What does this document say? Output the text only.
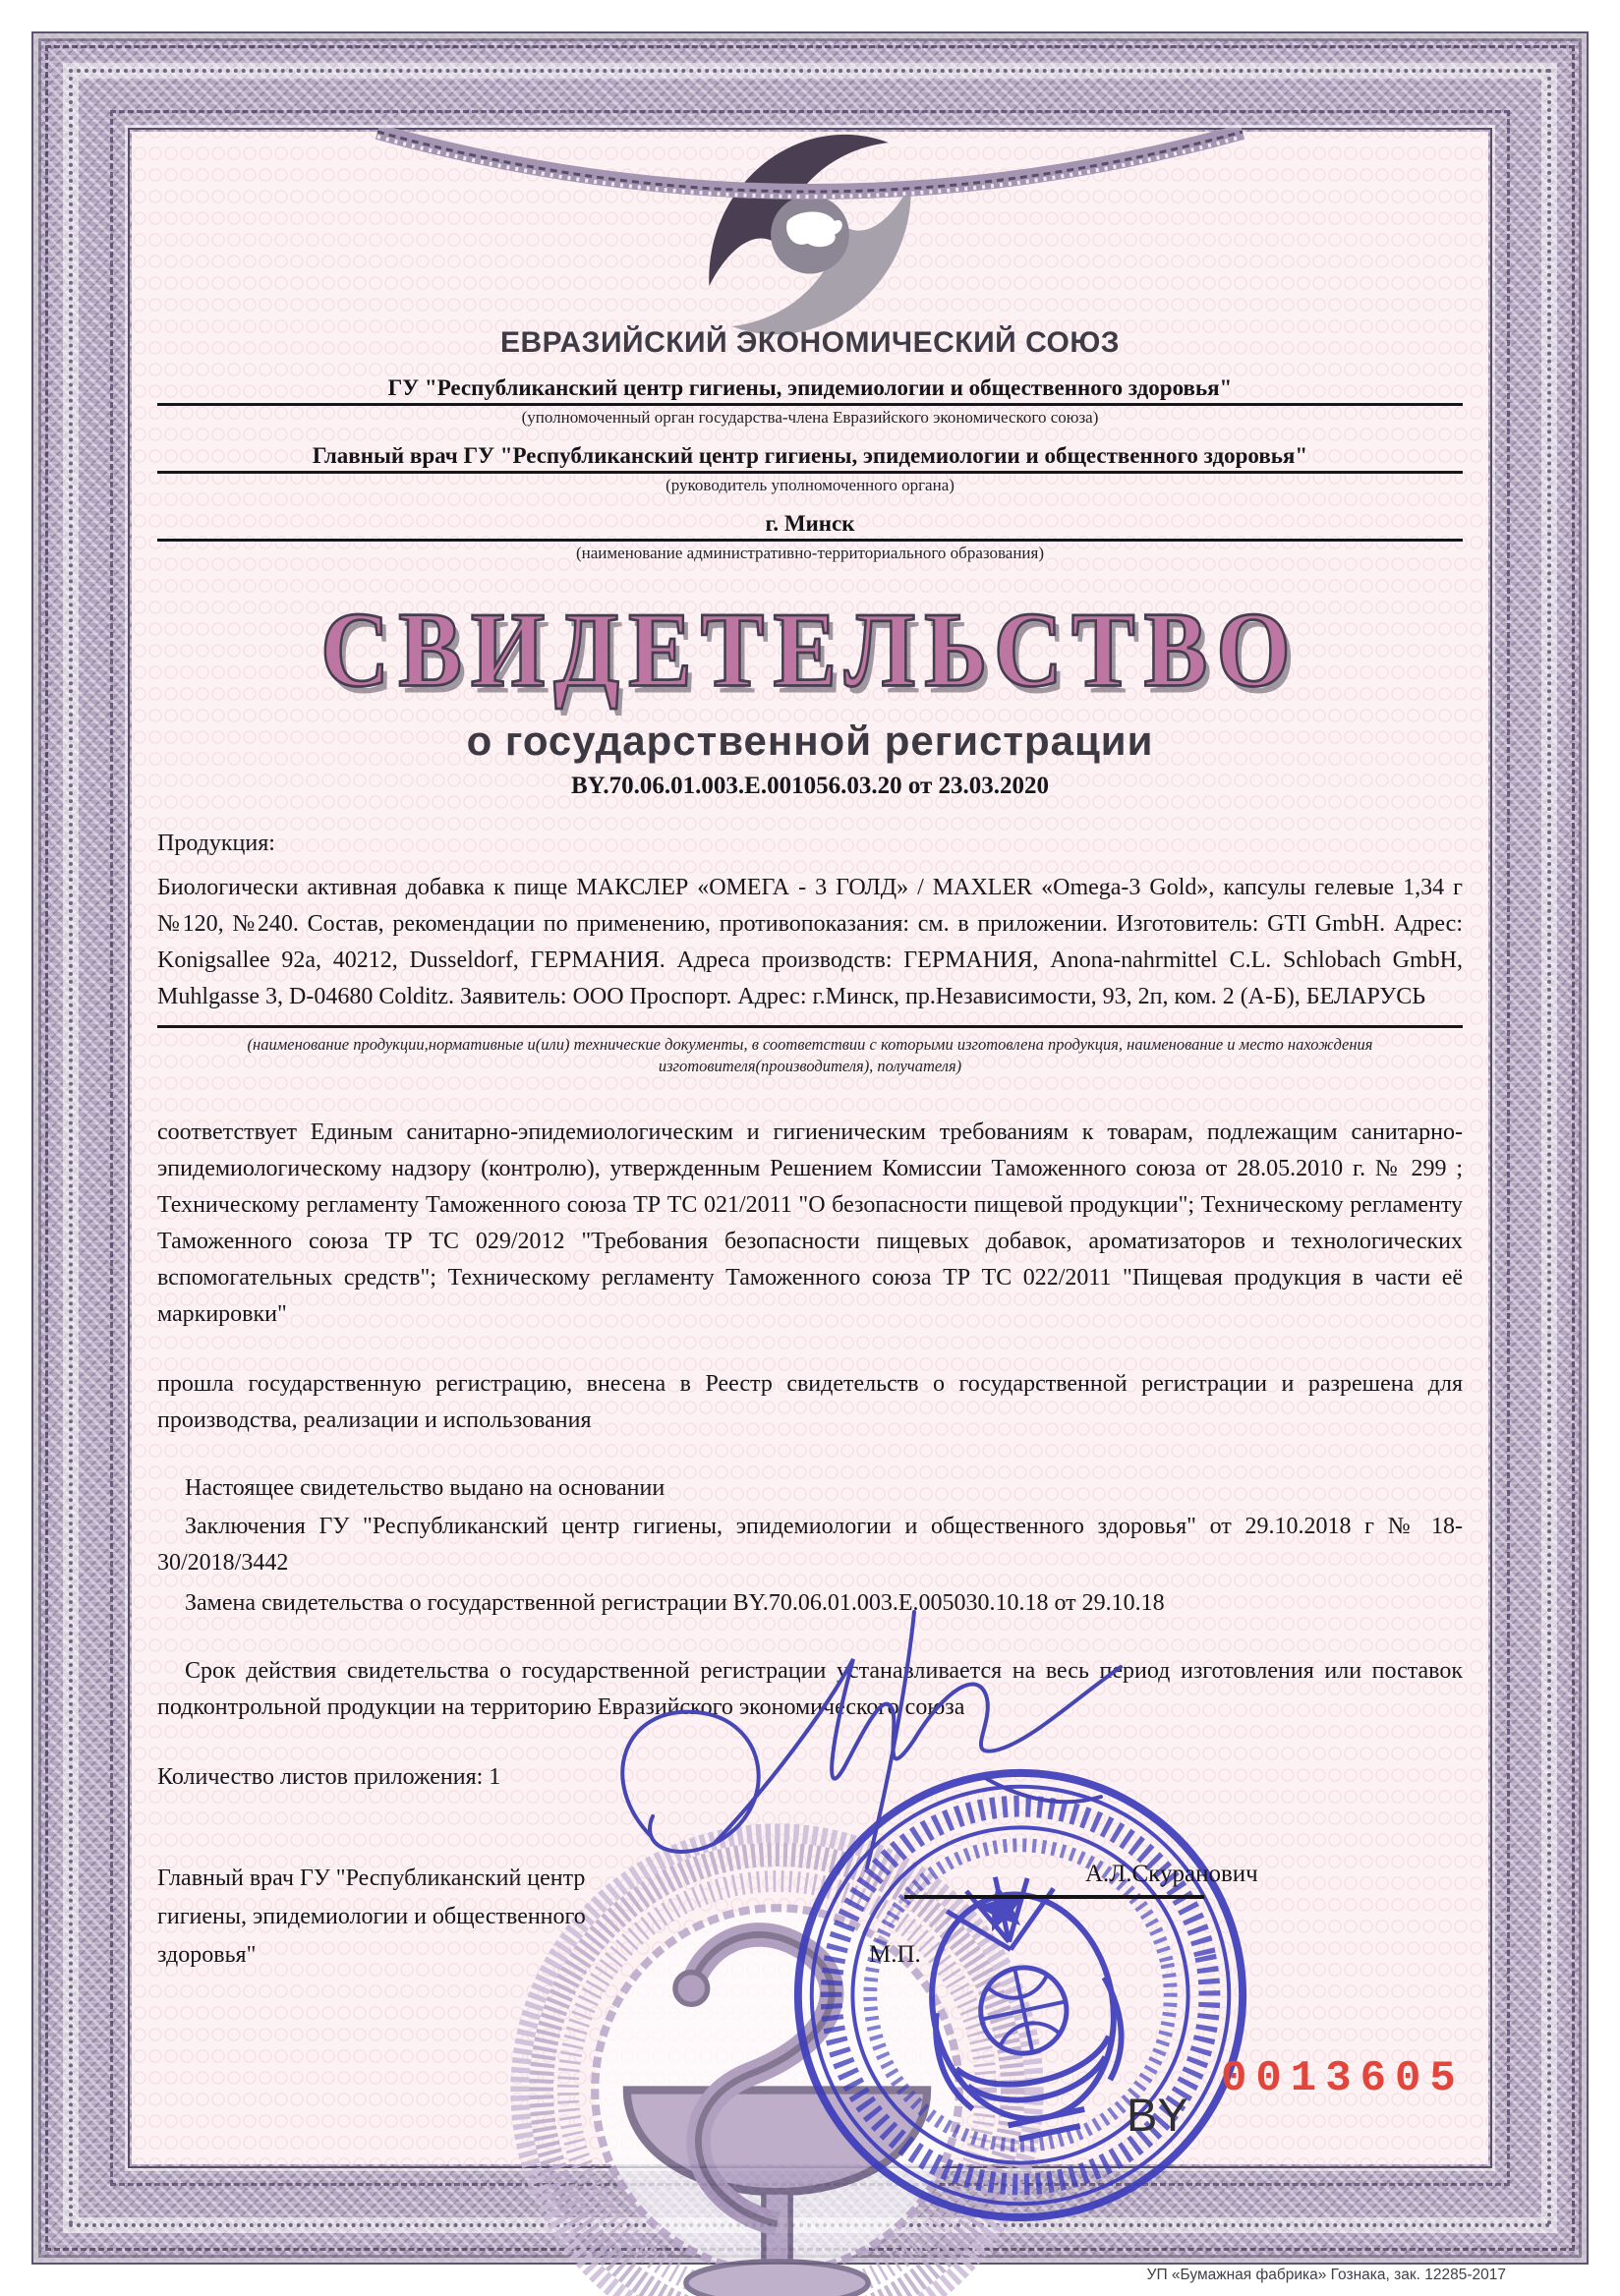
ЕВРАЗИЙСКИЙ ЭКОНОМИЧЕСКИЙ СОЮЗ
ГУ "Республиканский центр гигиены, эпидемиологии и общественного здоровья"
(уполномоченный орган государства-члена Евразийского экономического союза)
Главный врач ГУ "Республиканский центр гигиены, эпидемиологии и общественного здоровья"
(руководитель уполномоченного органа)
г. Минск
(наименование административно-территориального образования)
СВИДЕТЕЛЬСТВО
о государственной регистрации
BY.70.06.01.003.E.001056.03.20 от 23.03.2020
Продукция:
Биологически активная добавка к пище МАКСЛЕР «ОМЕГА - 3 ГОЛД» / MAXLER «Omega-3 Gold», капсулы гелевые 1,34 г №120, №240. Состав, рекомендации по применению, противопоказания: см. в приложении. Изготовитель: GTI GmbH. Адрес: Konigsallee 92a, 40212, Dusseldorf, ГЕРМАНИЯ. Адреса производств: ГЕРМАНИЯ, Anona-nahrmittel C.L. Schlobach GmbH, Muhlgasse 3, D-04680 Colditz. Заявитель: ООО Проспорт. Адрес: г.Минск, пр.Независимости, 93, 2п, ком. 2 (А-Б), БЕЛАРУСЬ
(наименование продукции,нормативные и(или) технические документы, в соответствии с которыми изготовлена продукция, наименование и место нахождения изготовителя(производителя), получателя)
соответствует Единым санитарно-эпидемиологическим и гигиеническим требованиям к товарам, подлежащим санитарно-эпидемиологическому надзору (контролю), утвержденным Решением Комиссии Таможенного союза от 28.05.2010 г. № 299 ; Техническому регламенту Таможенного союза ТР ТС 021/2011 "О безопасности пищевой продукции"; Техническому регламенту Таможенного союза ТР ТС 029/2012 "Требования безопасности пищевых добавок, ароматизаторов и технологических вспомогательных средств"; Техническому регламенту Таможенного союза ТР ТС 022/2011 "Пищевая продукция в части её маркировки"
прошла государственную регистрацию, внесена в Реестр свидетельств о государственной регистрации и разрешена для производства, реализации и использования
Настоящее свидетельство выдано на основании
Заключения ГУ "Республиканский центр гигиены, эпидемиологии и общественного здоровья" от 29.10.2018 г № 18-30/2018/3442
Замена свидетельства о государственной регистрации BY.70.06.01.003.E.005030.10.18 от 29.10.18
Срок действия свидетельства о государственной регистрации устанавливается на весь период изготовления или поставок подконтрольной продукции на территорию Евразийского экономического союза
Количество листов приложения: 1
Главный врач ГУ "Республиканский центр гигиены, эпидемиологии и общественного здоровья"
А.Л.Скуранович
М.П.
BY
0013605
УП «Бумажная фабрика» Гознака, зак. 12285-2017
